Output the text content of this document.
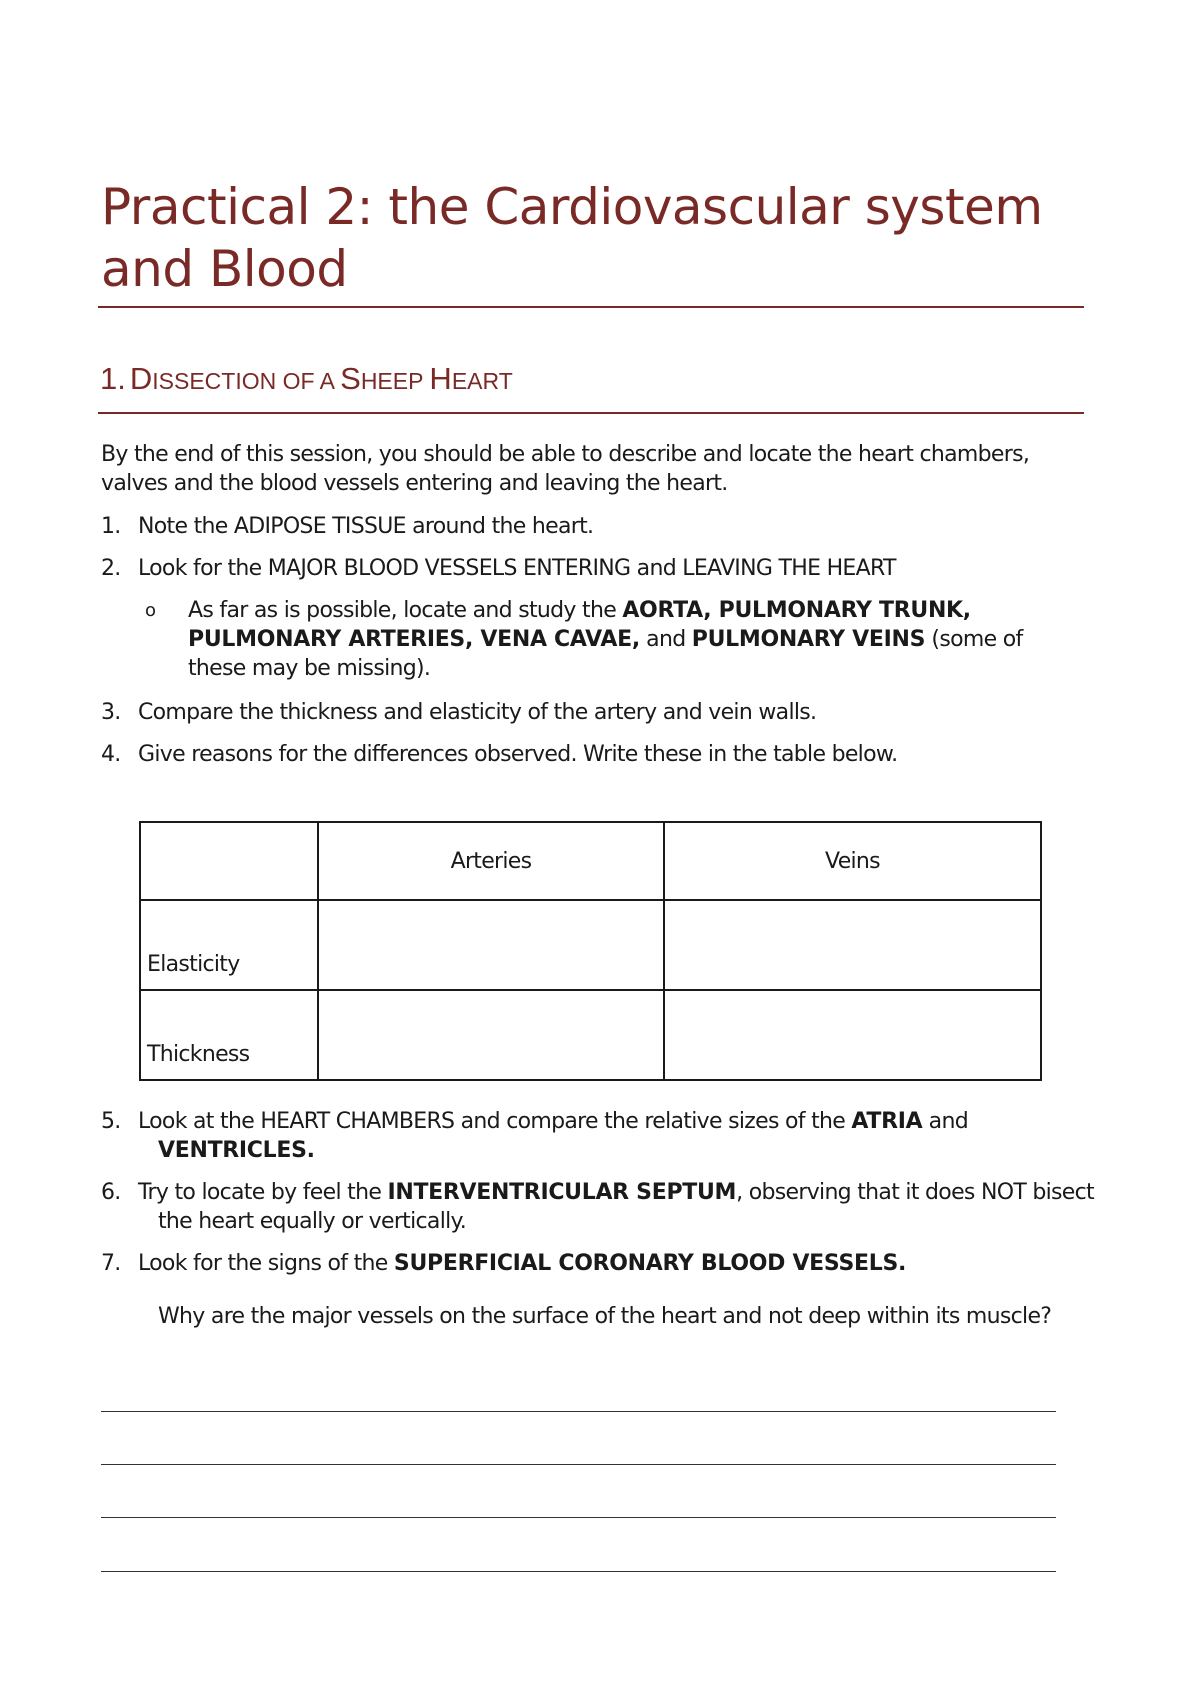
Practical 2: the Cardiovascular system and Blood
1. DISSECTION OF A SHEEP HEART

By the end of this session, you should be able to describe and locate the heart chambers, valves and the blood vessels entering and leaving the heart.

1. Note the ADIPOSE TISSUE around the heart.

2. Look for the MAJOR BLOOD VESSELS ENTERING and LEAVING THE HEART

o	As far as is possible, locate and study the AORTA, PULMONARY TRUNK, PULMONARY ARTERIES, VENA CAVAE, and PULMONARY VEINS (some of these may be missing).

3. Compare the thickness and elasticity of the artery and vein walls.

4. Give reasons for the differences observed. Write these in the table below.

	Arteries	Veins
Elasticity		
Thickness		

5. Look at the HEART CHAMBERS and compare the relative sizes of the ATRIA and VENTRICLES.

6. Try to locate by feel the INTERVENTRICULAR SEPTUM, observing that it does NOT bisect the heart equally or vertically.

7. Look for the signs of the SUPERFICIAL CORONARY BLOOD VESSELS.

Why are the major vessels on the surface of the heart and not deep within its muscle?
